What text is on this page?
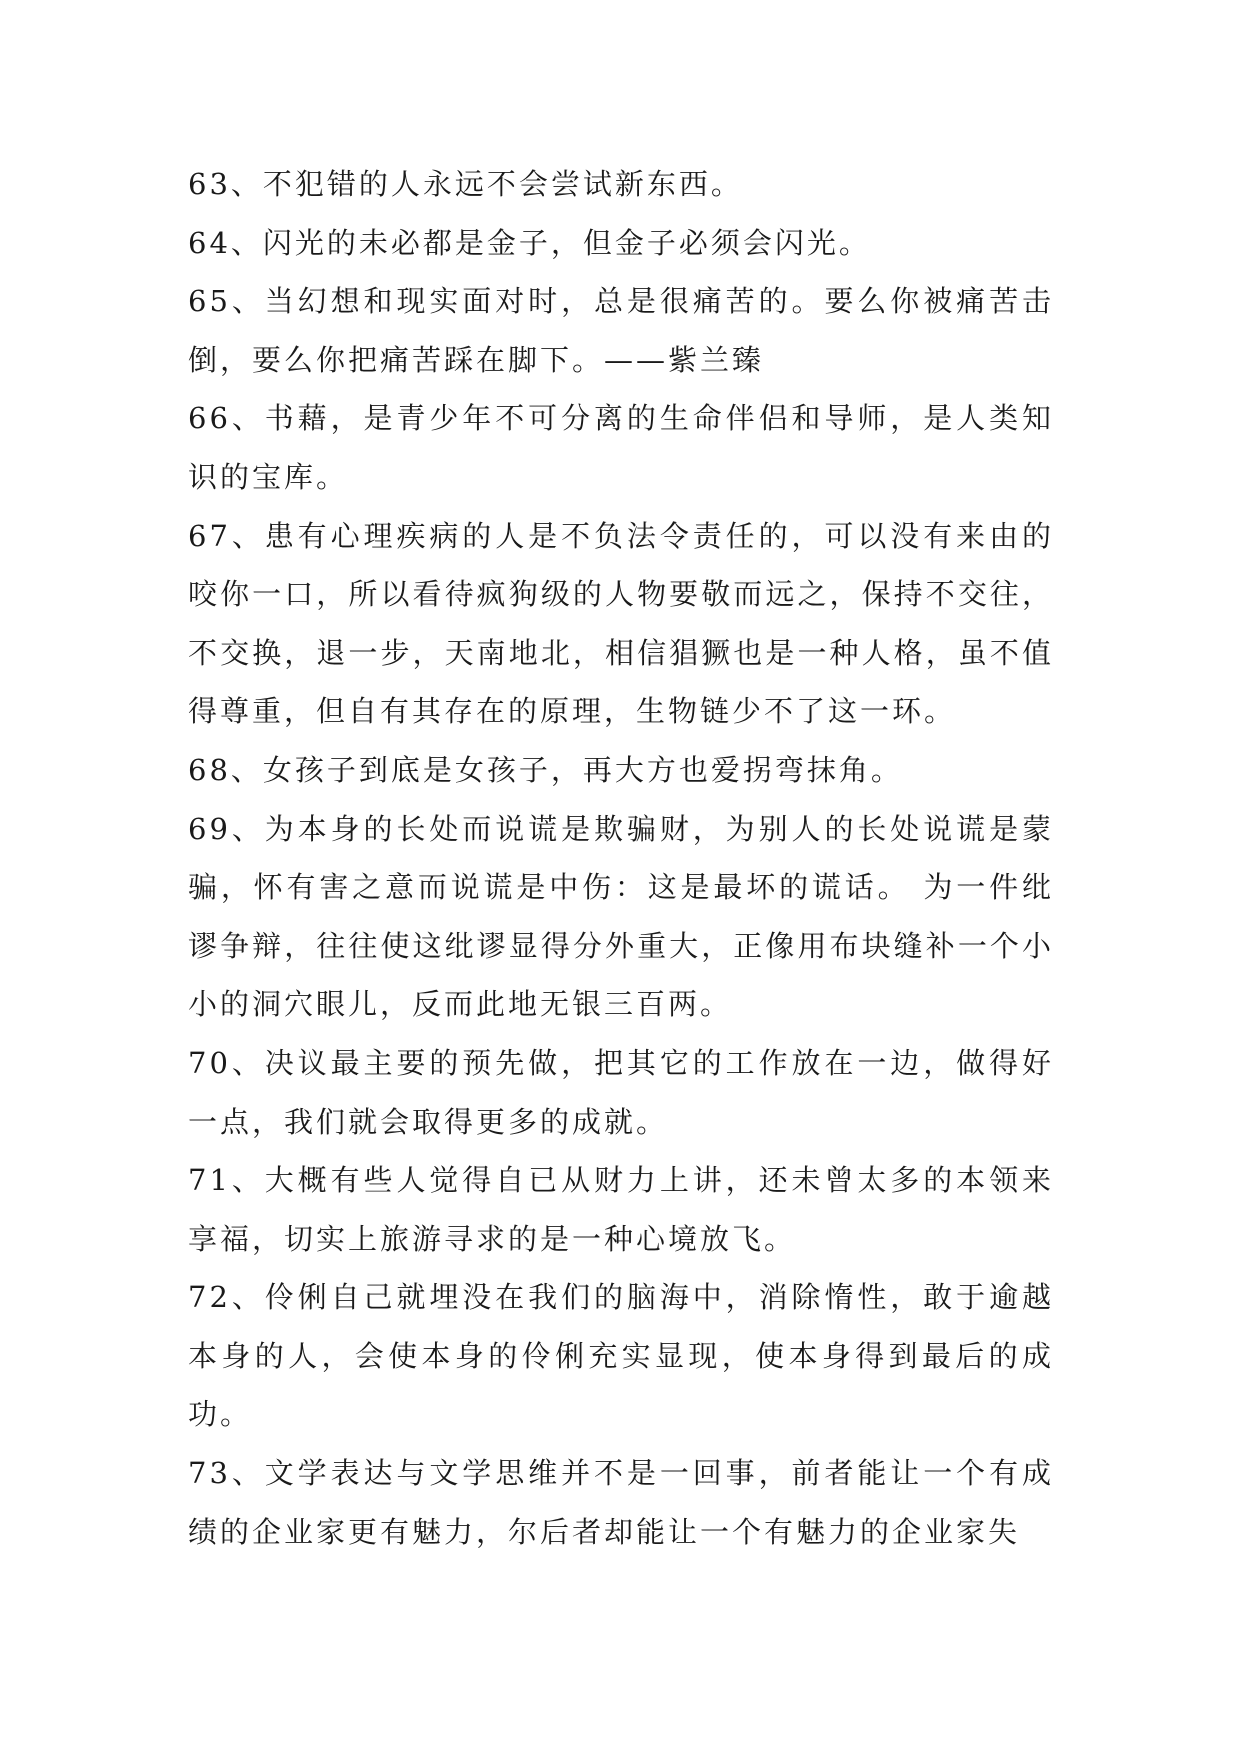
63、不犯错的人永远不会尝试新东西。

64、闪光的未必都是金子，但金子必须会闪光。

65、当幻想和现实面对时，总是很痛苦的。要么你被痛苦击倒，要么你把痛苦踩在脚下。——紫兰臻

66、书藉，是青少年不可分离的生命伴侣和导师，是人类知识的宝库。

67、患有心理疾病的人是不负法令责任的，可以没有来由的咬你一口，所以看待疯狗级的人物要敬而远之，保持不交往，不交换，退一步，天南地北，相信猖獗也是一种人格，虽不值得尊重，但自有其存在的原理，生物链少不了这一环。

68、女孩子到底是女孩子，再大方也爱拐弯抹角。

69、为本身的长处而说谎是欺骗财，为别人的长处说谎是蒙骗，怀有害之意而说谎是中伤：这是最坏的谎话。 为一件纰谬争辩，往往使这纰谬显得分外重大，正像用布块缝补一个小小的洞穴眼儿，反而此地无银三百两。

70、决议最主要的预先做，把其它的工作放在一边，做得好一点，我们就会取得更多的成就。

71、大概有些人觉得自已从财力上讲，还未曾太多的本领来享福，切实上旅游寻求的是一种心境放飞。

72、伶俐自己就埋没在我们的脑海中，消除惰性，敢于逾越本身的人，会使本身的伶俐充实显现，使本身得到最后的成功。

73、文学表达与文学思维并不是一回事，前者能让一个有成绩的企业家更有魅力，尔后者却能让一个有魅力的企业家失
